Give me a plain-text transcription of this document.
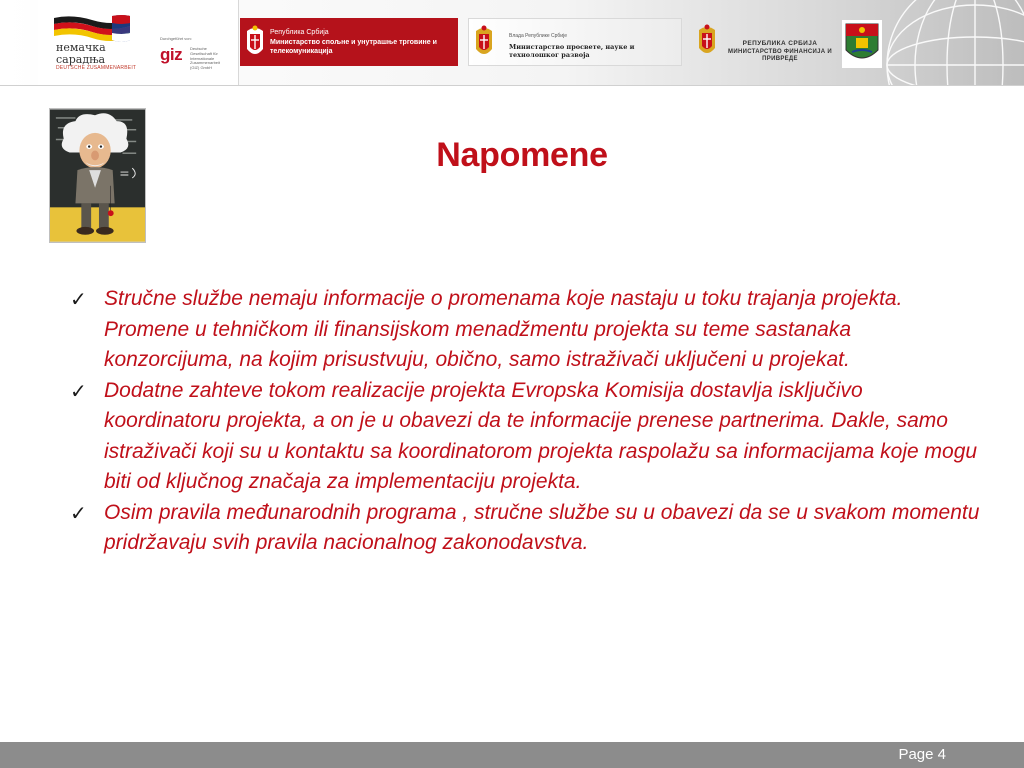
немачка
сарадња
DEUTSCHE ZUSAMMENARBEIT
Durchgeführt von:
giz Deutsche Gesellschaft für Internationale Zusammenarbeit (GIZ) GmbH
Република Србија
Министарство спољне и унутрашње трговине и телекомуникација
Влада Републике Србије
Министарство просвете, науке и технолошког развоја
РЕПУБЛИКА СРБИЈА
МИНИСТАРСТВО ФИНАНСИЈА И ПРИВРЕДЕ
Napomene
✓ Stručne službe nemaju informacije o promenama koje nastaju u toku trajanja projekta. Promene u tehničkom ili finansijskom menadžmentu projekta su teme sastanaka konzorcijuma, na kojim prisustvuju, obično, samo istraživači uključeni u projekat.
✓ Dodatne zahteve tokom realizacije projekta Evropska Komisija dostavlja isključivo koordinatoru projekta, a on je u obavezi da te informacije prenese partnerima. Dakle, samo istraživači koji su u kontaktu sa koordinatorom projekta raspolažu sa informacijama koje mogu biti od ključnog značaja za implementaciju projekta.
✓ Osim pravila međunarodnih programa , stručne službe su u obavezi da se u svakom momentu pridržavaju svih pravila nacionalnog zakonodavstva.
Page 4
